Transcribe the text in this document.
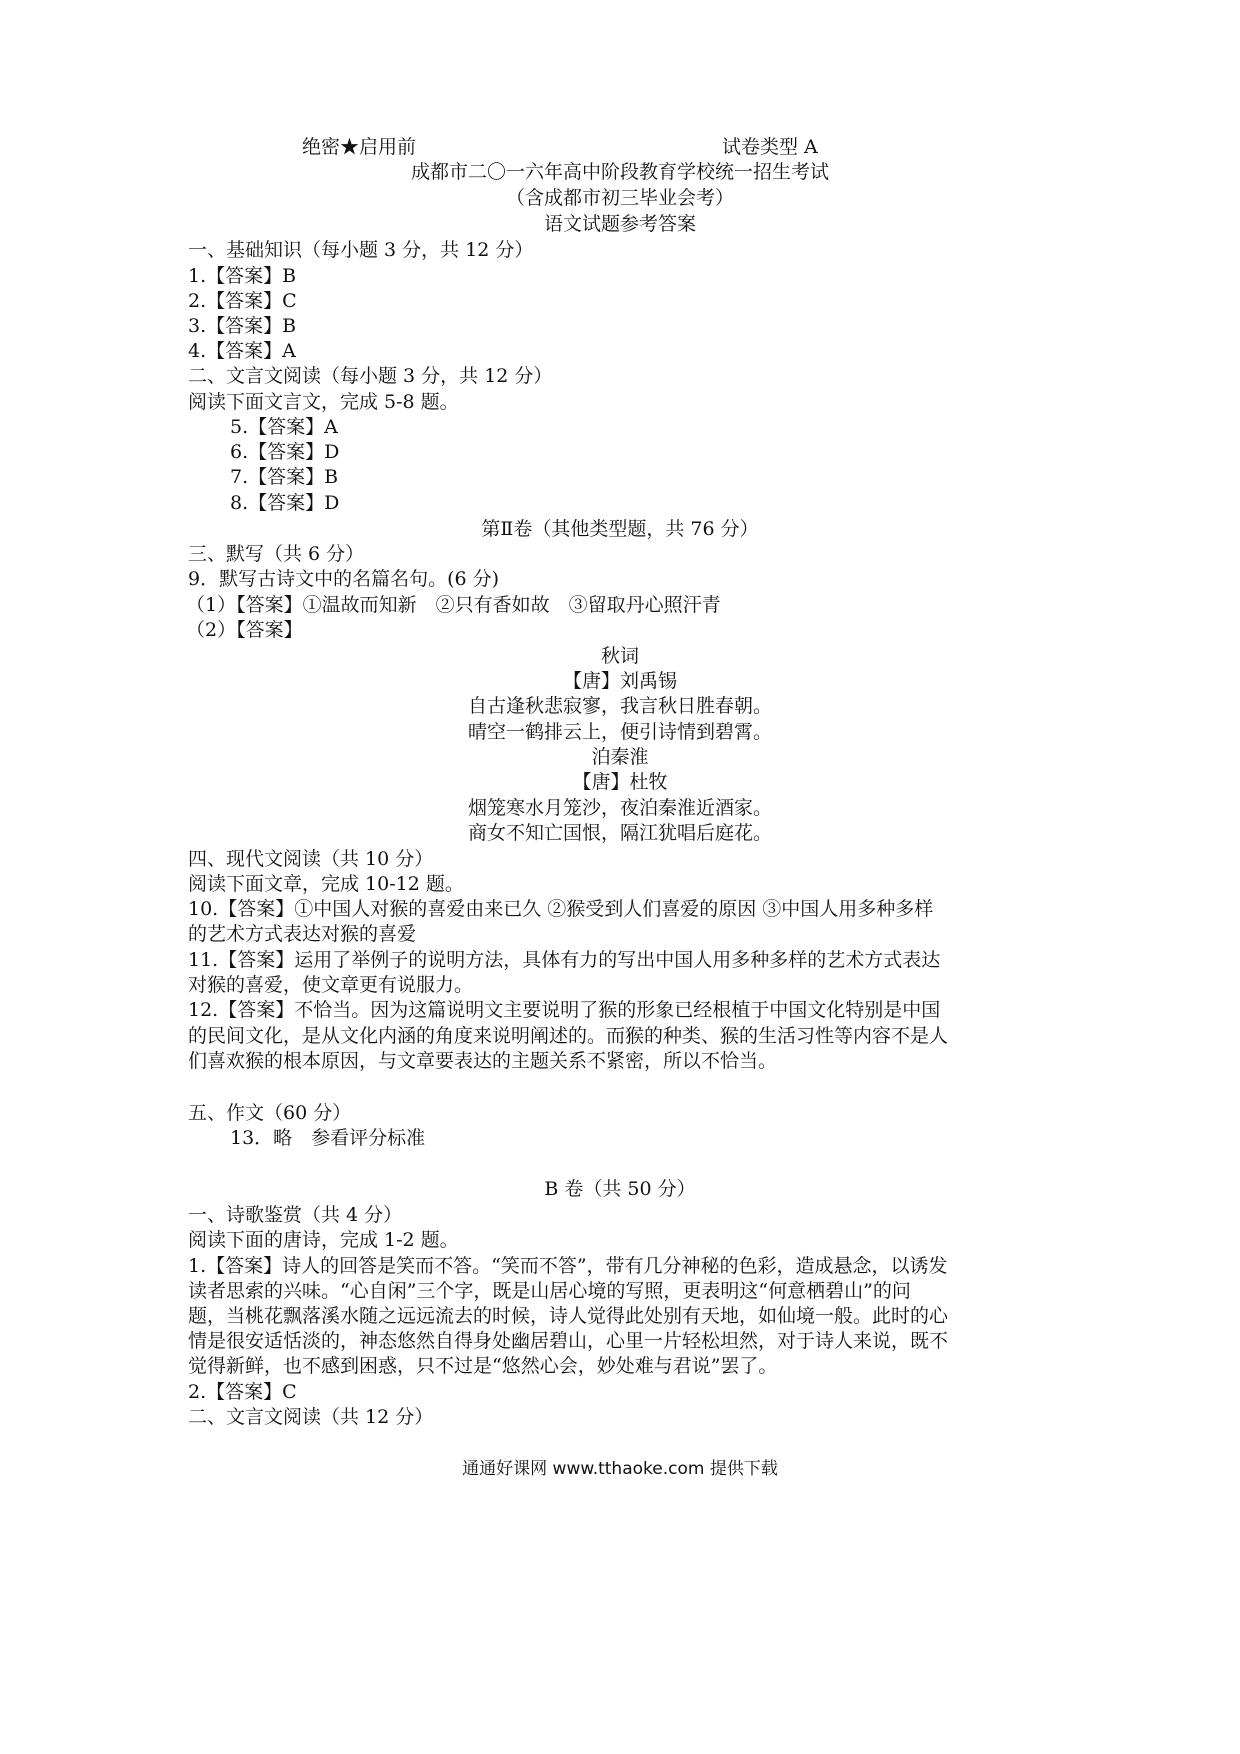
绝密★启用前	试卷类型 A
成都市二〇一六年高中阶段教育学校统一招生考试
（含成都市初三毕业会考）
语文试题参考答案
一、基础知识（每小题 3 分，共 12 分）
1.【答案】B
2.【答案】C
3.【答案】B
4.【答案】A
二、文言文阅读（每小题 3 分，共 12 分）
阅读下面文言文，完成 5-8 题。
5.【答案】A
6.【答案】D
7.【答案】B
8.【答案】D
第Ⅱ卷（其他类型题，共 76 分）
三、默写（共 6 分）
9．默写古诗文中的名篇名句。(6 分)
（1）【答案】①温故而知新　②只有香如故　③留取丹心照汗青
（2）【答案】
秋词
【唐】刘禹锡
自古逢秋悲寂寥，我言秋日胜春朝。
晴空一鹤排云上，便引诗情到碧霄。
泊秦淮
【唐】杜牧
烟笼寒水月笼沙，夜泊秦淮近酒家。
商女不知亡国恨，隔江犹唱后庭花。
四、现代文阅读（共 10 分）
阅读下面文章，完成 10-12 题。
10.【答案】①中国人对猴的喜爱由来已久 ②猴受到人们喜爱的原因 ③中国人用多种多样
的艺术方式表达对猴的喜爱
11.【答案】运用了举例子的说明方法，具体有力的写出中国人用多种多样的艺术方式表达
对猴的喜爱，使文章更有说服力。
12.【答案】不恰当。因为这篇说明文主要说明了猴的形象已经根植于中国文化特别是中国
的民间文化，是从文化内涵的角度来说明阐述的。而猴的种类、猴的生活习性等内容不是人
们喜欢猴的根本原因，与文章要表达的主题关系不紧密，所以不恰当。
五、作文（60 分）
13．略　参看评分标准
B 卷（共 50 分）
一、诗歌鉴赏（共 4 分）
阅读下面的唐诗，完成 1-2 题。
1.【答案】诗人的回答是笑而不答。“笑而不答”，带有几分神秘的色彩，造成悬念，以诱发
读者思索的兴味。“心自闲”三个字，既是山居心境的写照，更表明这“何意栖碧山”的问
题，当桃花飘落溪水随之远远流去的时候，诗人觉得此处别有天地，如仙境一般。此时的心
情是很安适恬淡的，神态悠然自得身处幽居碧山，心里一片轻松坦然，对于诗人来说，既不
觉得新鲜，也不感到困惑，只不过是“悠然心会，妙处难与君说”罢了。
2.【答案】C
二、文言文阅读（共 12 分）
通通好课网 www.tthaoke.com 提供下载
